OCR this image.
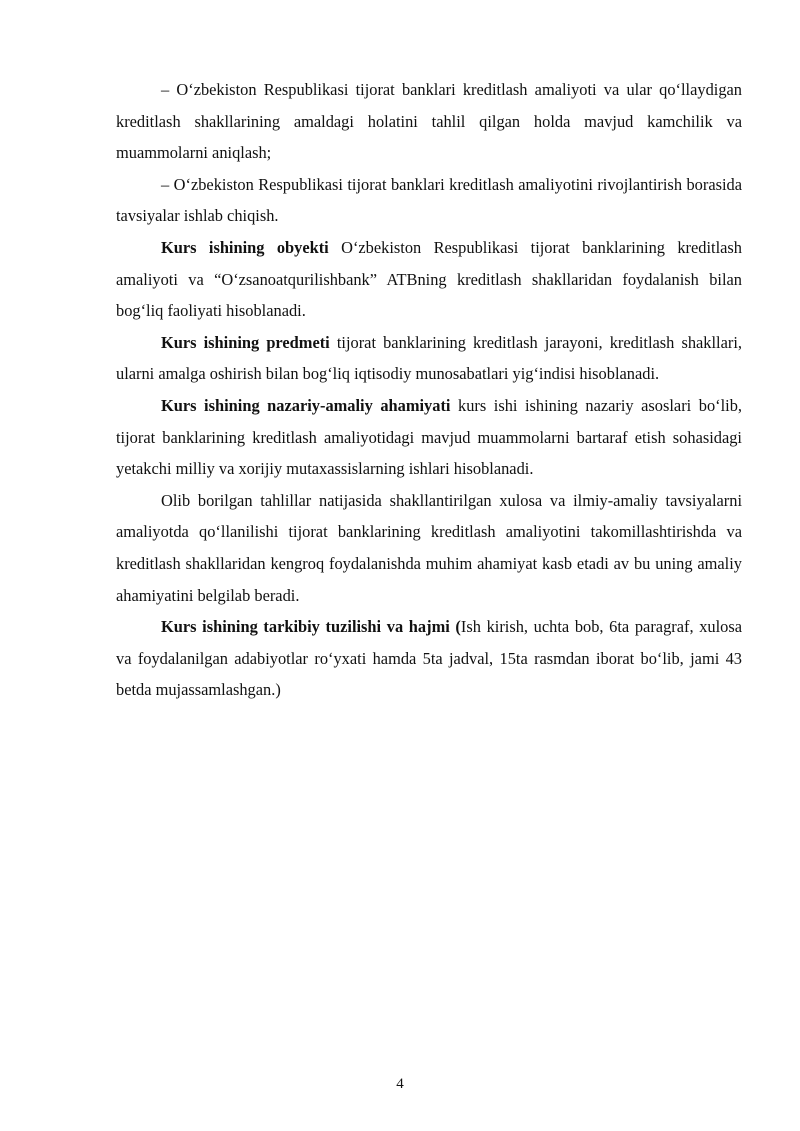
– O‘zbekiston Respublikasi tijorat banklari kreditlash amaliyoti va ular qo‘llaydigan kreditlash shakllarining amaldagi holatini tahlil qilgan holda mavjud kamchilik va muammolarni aniqlash;

– O‘zbekiston Respublikasi tijorat banklari kreditlash amaliyotini rivojlantirish borasida tavsiyalar ishlab chiqish.

Kurs ishining obyekti O‘zbekiston Respublikasi tijorat banklarining kreditlash amaliyoti va “O‘zsanoatqurilishbank” ATBning kreditlash shakllaridan foydalanish bilan bog‘liq faoliyati hisoblanadi.

Kurs ishining predmeti tijorat banklarining kreditlash jarayoni, kreditlash shakllari, ularni amalga oshirish bilan bog‘liq iqtisodiy munosabatlari yig‘indisi hisoblanadi.

Kurs ishining nazariy-amaliy ahamiyati kurs ishi ishining nazariy asoslari bo‘lib, tijorat banklarining kreditlash amaliyotidagi mavjud muammolarni bartaraf etish sohasidagi yetakchi milliy va xorijiy mutaxassislarning ishlari hisoblanadi.

Olib borilgan tahlillar natijasida shakllantirilgan xulosa va ilmiy-amaliy tavsiyalarni amaliyotda qo‘llanilishi tijorat banklarining kreditlash amaliyotini takomillashtirishda va kreditlash shakllaridan kengroq foydalanishda muhim ahamiyat kasb etadi av bu uning amaliy ahamiyatini belgilab beradi.

Kurs ishining tarkibiy tuzilishi va hajmi (Ish kirish, uchta bob, 6ta paragraf, xulosa va foydalanilgan adabiyotlar ro‘yxati hamda 5ta jadval, 15ta rasmdan iborat bo‘lib, jami 43 betda mujassamlashgan.)

4
